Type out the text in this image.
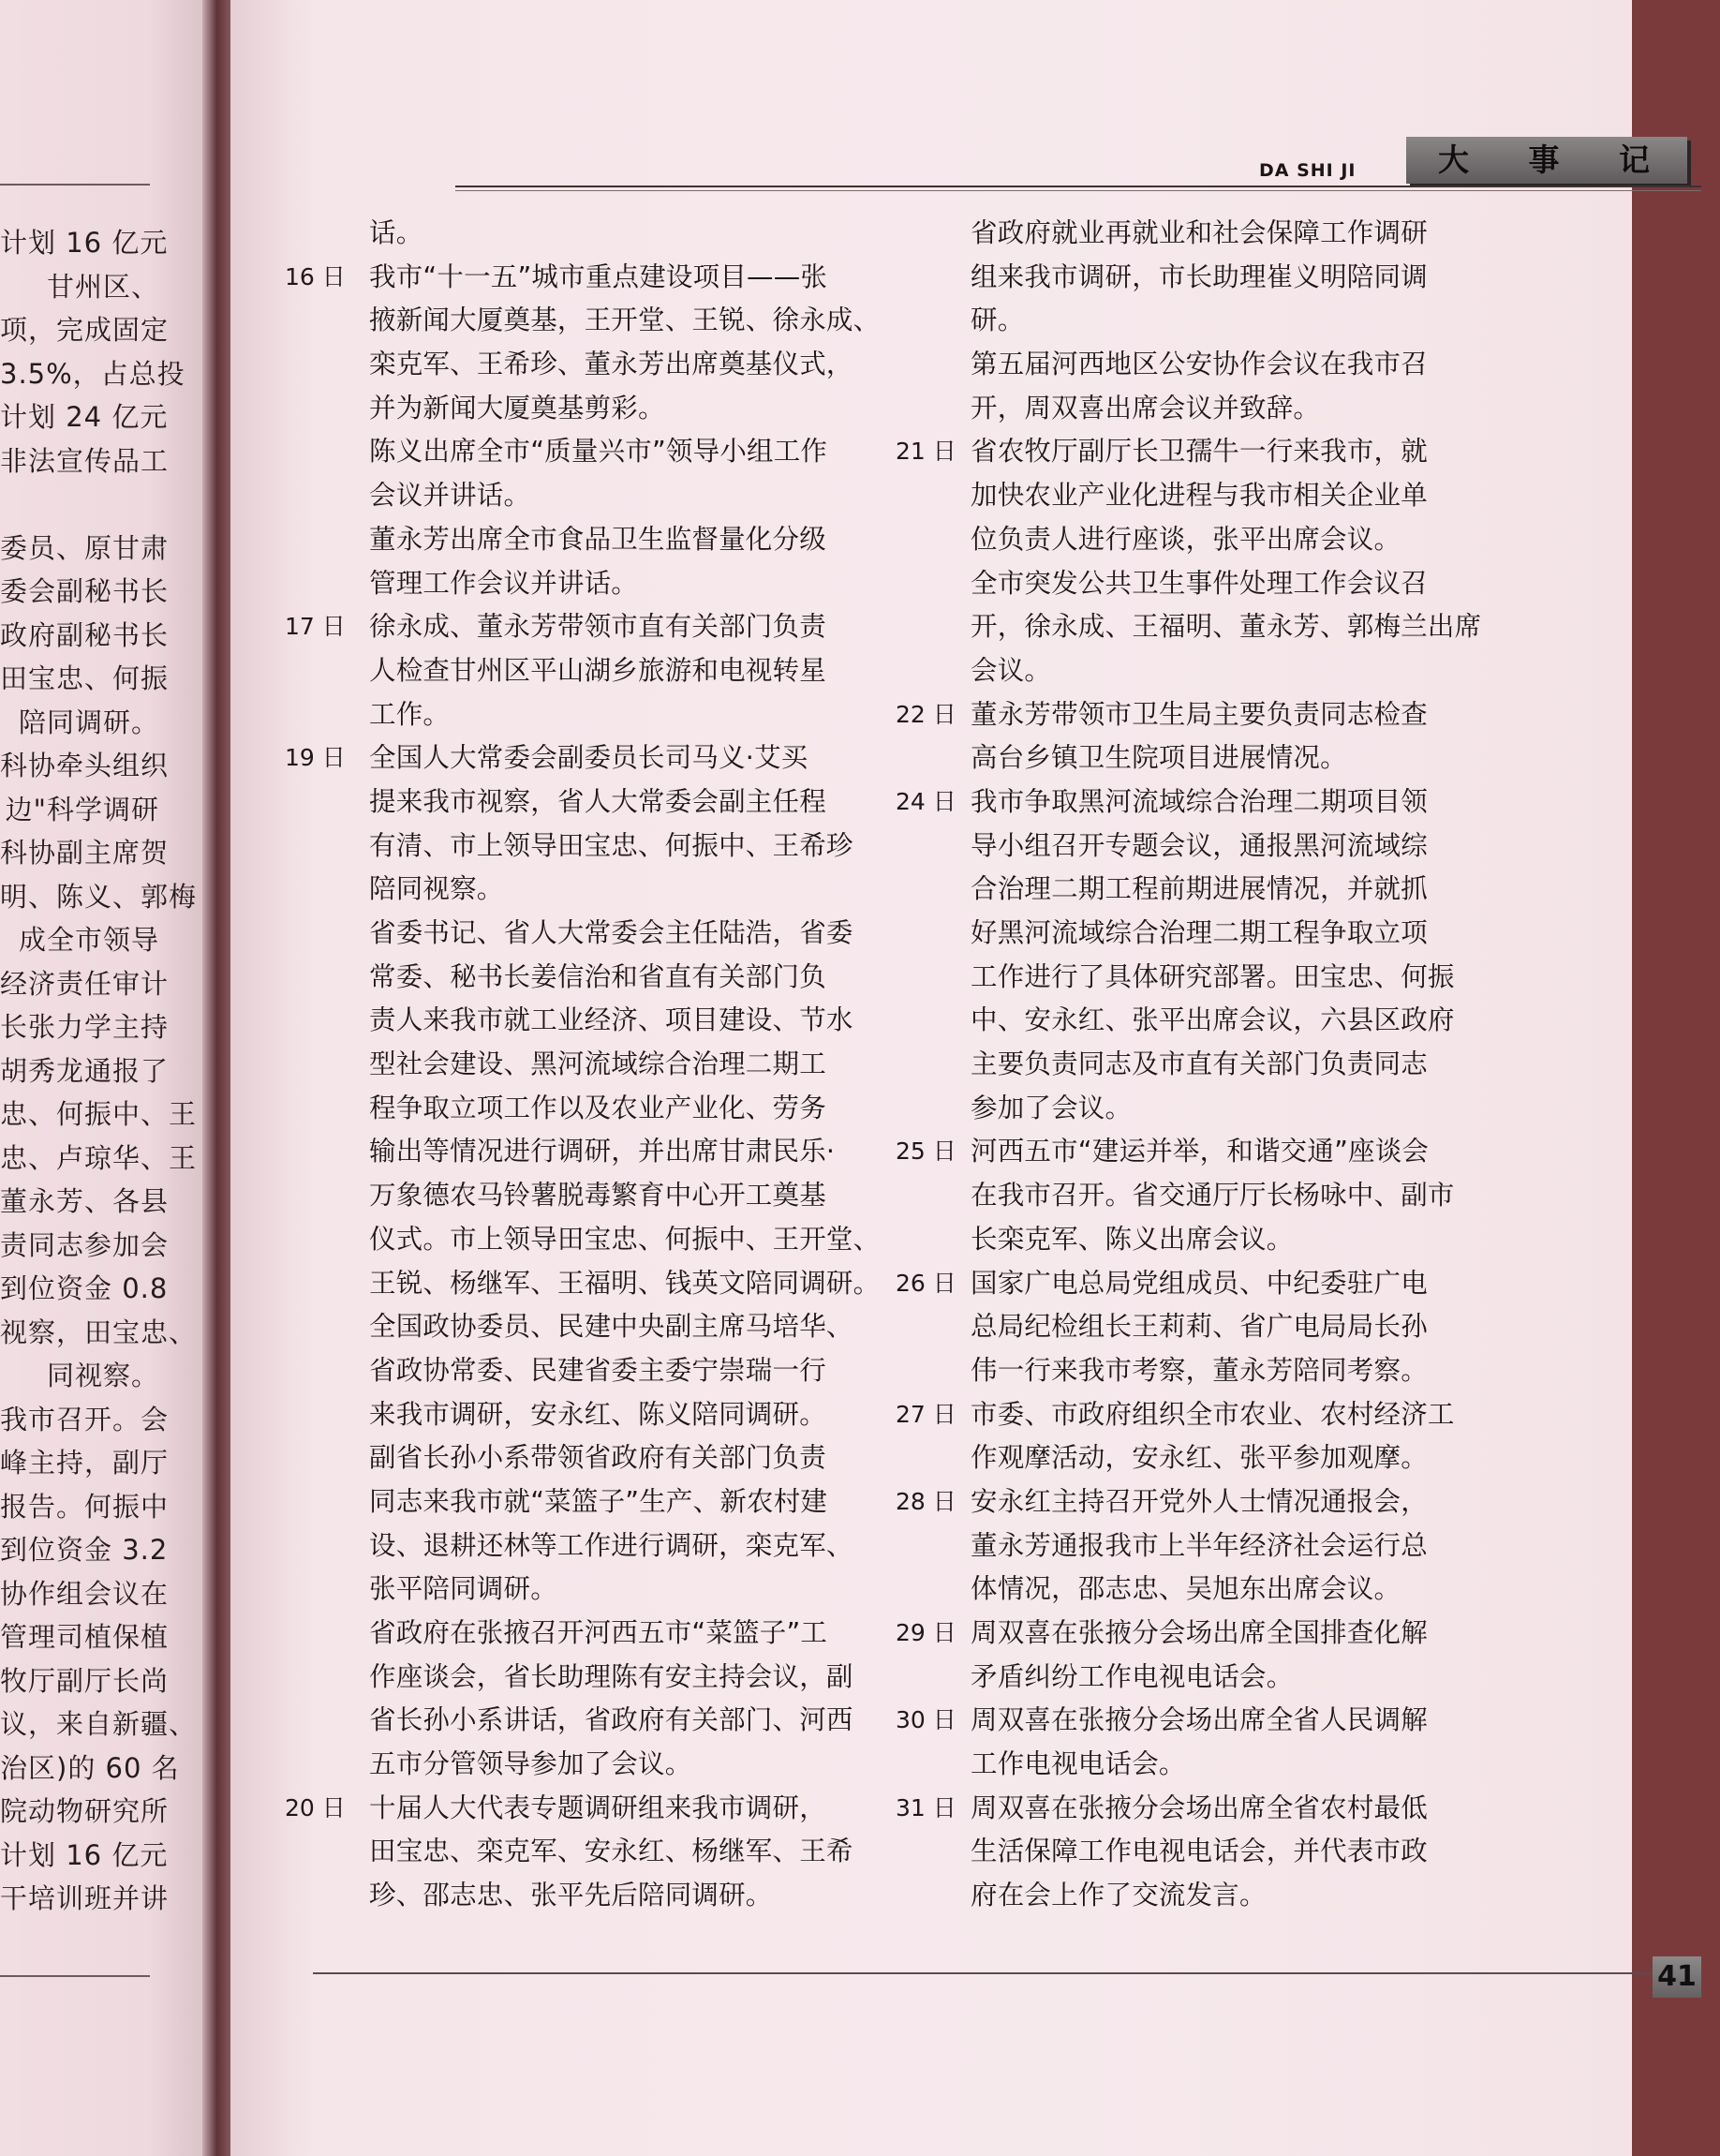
计划 16 亿元
甘州区、
项，完成固定
3.5%，占总投
计划 24 亿元
非法宣传品工
委员、原甘肃
委会副秘书长
政府副秘书长
田宝忠、何振
陪同调研。
科协牵头组织
边"科学调研
科协副主席贺
明、陈义、郭梅
成全市领导
经济责任审计
长张力学主持
胡秀龙通报了
忠、何振中、王
忠、卢琼华、王
董永芳、各县
责同志参加会
到位资金 0.8
视察，田宝忠、
同视察。
我市召开。会
峰主持，副厅
报告。何振中
到位资金 3.2
协作组会议在
管理司植保植
牧厅副厅长尚
议，来自新疆、
治区)的 60 名
院动物研究所
计划 16 亿元
干培训班并讲
DA SHI JI	大 事 记
话。
16 日 我市“十一五”城市重点建设项目——张
掖新闻大厦奠基，王开堂、王锐、徐永成、
栾克军、王希珍、董永芳出席奠基仪式，
并为新闻大厦奠基剪彩。
陈义出席全市“质量兴市”领导小组工作
会议并讲话。
董永芳出席全市食品卫生监督量化分级
管理工作会议并讲话。
17 日 徐永成、董永芳带领市直有关部门负责
人检查甘州区平山湖乡旅游和电视转星
工作。
19 日 全国人大常委会副委员长司马义·艾买
提来我市视察，省人大常委会副主任程
有清、市上领导田宝忠、何振中、王希珍
陪同视察。
省委书记、省人大常委会主任陆浩，省委
常委、秘书长姜信治和省直有关部门负
责人来我市就工业经济、项目建设、节水
型社会建设、黑河流域综合治理二期工
程争取立项工作以及农业产业化、劳务
输出等情况进行调研，并出席甘肃民乐·
万象德农马铃薯脱毒繁育中心开工奠基
仪式。市上领导田宝忠、何振中、王开堂、
王锐、杨继军、王福明、钱英文陪同调研。
全国政协委员、民建中央副主席马培华、
省政协常委、民建省委主委宁崇瑞一行
来我市调研，安永红、陈义陪同调研。
副省长孙小系带领省政府有关部门负责
同志来我市就“菜篮子”生产、新农村建
设、退耕还林等工作进行调研，栾克军、
张平陪同调研。
省政府在张掖召开河西五市“菜篮子”工
作座谈会，省长助理陈有安主持会议，副
省长孙小系讲话，省政府有关部门、河西
五市分管领导参加了会议。
20 日 十届人大代表专题调研组来我市调研，
田宝忠、栾克军、安永红、杨继军、王希
珍、邵志忠、张平先后陪同调研。
省政府就业再就业和社会保障工作调研
组来我市调研，市长助理崔义明陪同调
研。
第五届河西地区公安协作会议在我市召
开，周双喜出席会议并致辞。
21 日 省农牧厅副厅长卫孺牛一行来我市，就
加快农业产业化进程与我市相关企业单
位负责人进行座谈，张平出席会议。
全市突发公共卫生事件处理工作会议召
开，徐永成、王福明、董永芳、郭梅兰出席
会议。
22 日 董永芳带领市卫生局主要负责同志检查
高台乡镇卫生院项目进展情况。
24 日 我市争取黑河流域综合治理二期项目领
导小组召开专题会议，通报黑河流域综
合治理二期工程前期进展情况，并就抓
好黑河流域综合治理二期工程争取立项
工作进行了具体研究部署。田宝忠、何振
中、安永红、张平出席会议，六县区政府
主要负责同志及市直有关部门负责同志
参加了会议。
25 日 河西五市“建运并举，和谐交通”座谈会
在我市召开。省交通厅厅长杨咏中、副市
长栾克军、陈义出席会议。
26 日 国家广电总局党组成员、中纪委驻广电
总局纪检组长王莉莉、省广电局局长孙
伟一行来我市考察，董永芳陪同考察。
27 日 市委、市政府组织全市农业、农村经济工
作观摩活动，安永红、张平参加观摩。
28 日 安永红主持召开党外人士情况通报会，
董永芳通报我市上半年经济社会运行总
体情况，邵志忠、吴旭东出席会议。
29 日 周双喜在张掖分会场出席全国排查化解
矛盾纠纷工作电视电话会。
30 日 周双喜在张掖分会场出席全省人民调解
工作电视电话会。
31 日 周双喜在张掖分会场出席全省农村最低
生活保障工作电视电话会，并代表市政
府在会上作了交流发言。
41
